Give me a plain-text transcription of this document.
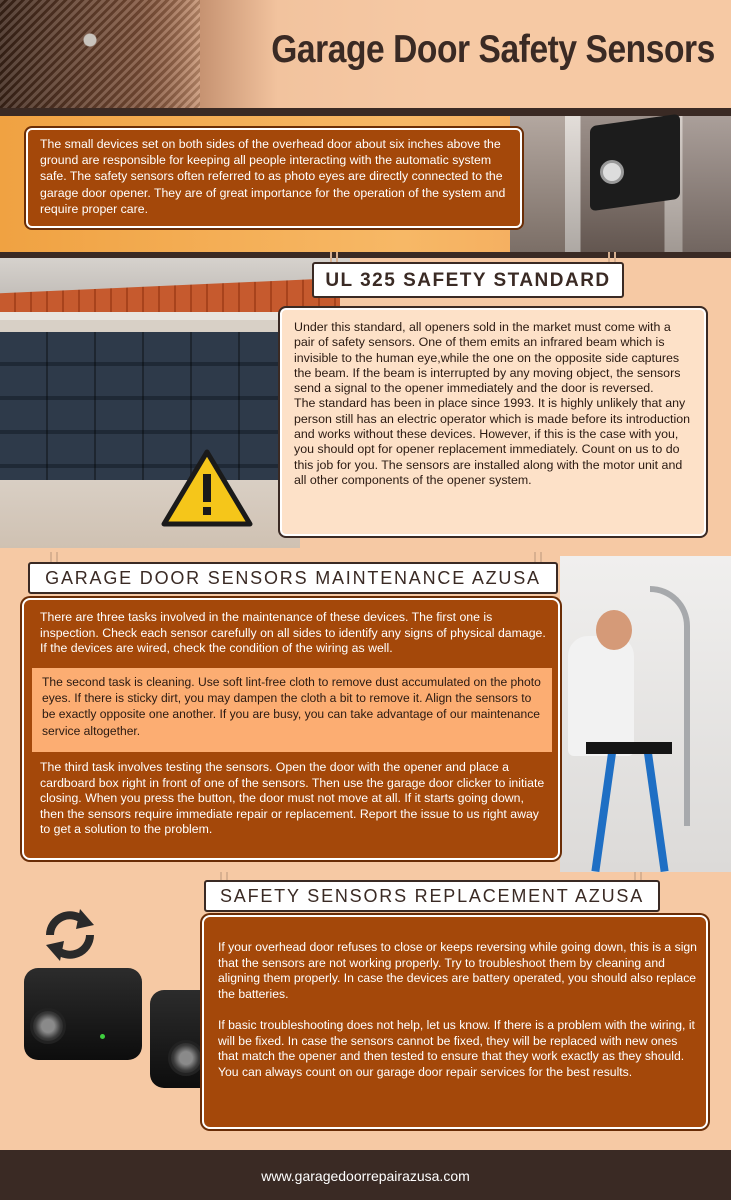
Garage Door Safety Sensors
The small devices set on both sides of the overhead door about six inches above the ground are responsible for keeping all people interacting with the automatic system safe. The safety sensors often referred to as photo eyes are directly connected to the garage door opener. They are of great importance for the operation of the system and require proper care.
UL 325 SAFETY STANDARD
Under this standard, all openers sold in the market must come with a pair of safety sensors. One of them emits an infrared beam which is invisible to the human eye,while the one on the opposite side captures the beam. If the beam is interrupted by any moving object, the sensors send a signal to the opener immediately and the door is reversed.
The standard has been in place since 1993. It is highly unlikely that any person still has an electric operator which is made before its introduction and works without these devices. However, if this is the case with you, you should opt for opener replacement immediately. Count on us to do this job for you. The sensors are installed along with the motor unit and all other components of the opener system.
GARAGE DOOR SENSORS MAINTENANCE AZUSA
There are three tasks involved in the maintenance of these devices. The first one is inspection. Check each sensor carefully on all sides to identify any signs of physical damage. If the devices are wired, check the condition of the wiring as well.
The second task is cleaning. Use soft lint-free cloth to remove dust accumulated on the photo eyes. If there is sticky dirt, you may dampen the cloth a bit to remove it. Align the sensors to be exactly opposite one another. If you are busy, you can take advantage of our maintenance service altogether.
The third task involves testing the sensors. Open the door with the opener and place a cardboard box right in front of one of the sensors. Then use the garage door clicker to initiate closing. When you press the button, the door must not move at all. If it starts going down, then the sensors require immediate repair or replacement. Report the issue to us right away to get a solution to the problem.
SAFETY SENSORS REPLACEMENT AZUSA
If your overhead door refuses to close or keeps reversing while going down, this is a sign that the sensors are not working properly. Try to troubleshoot them by cleaning and aligning them properly. In case the devices are battery operated, you should also replace the batteries.
If basic troubleshooting does not help, let us know. If there is a problem with the wiring, it will be fixed. In case the sensors cannot be fixed, they will be replaced with new ones that match the opener and then tested to ensure that they work exactly as they should. You can always count on our garage door repair services for the best results.
www.garagedoorrepairazusa.com
